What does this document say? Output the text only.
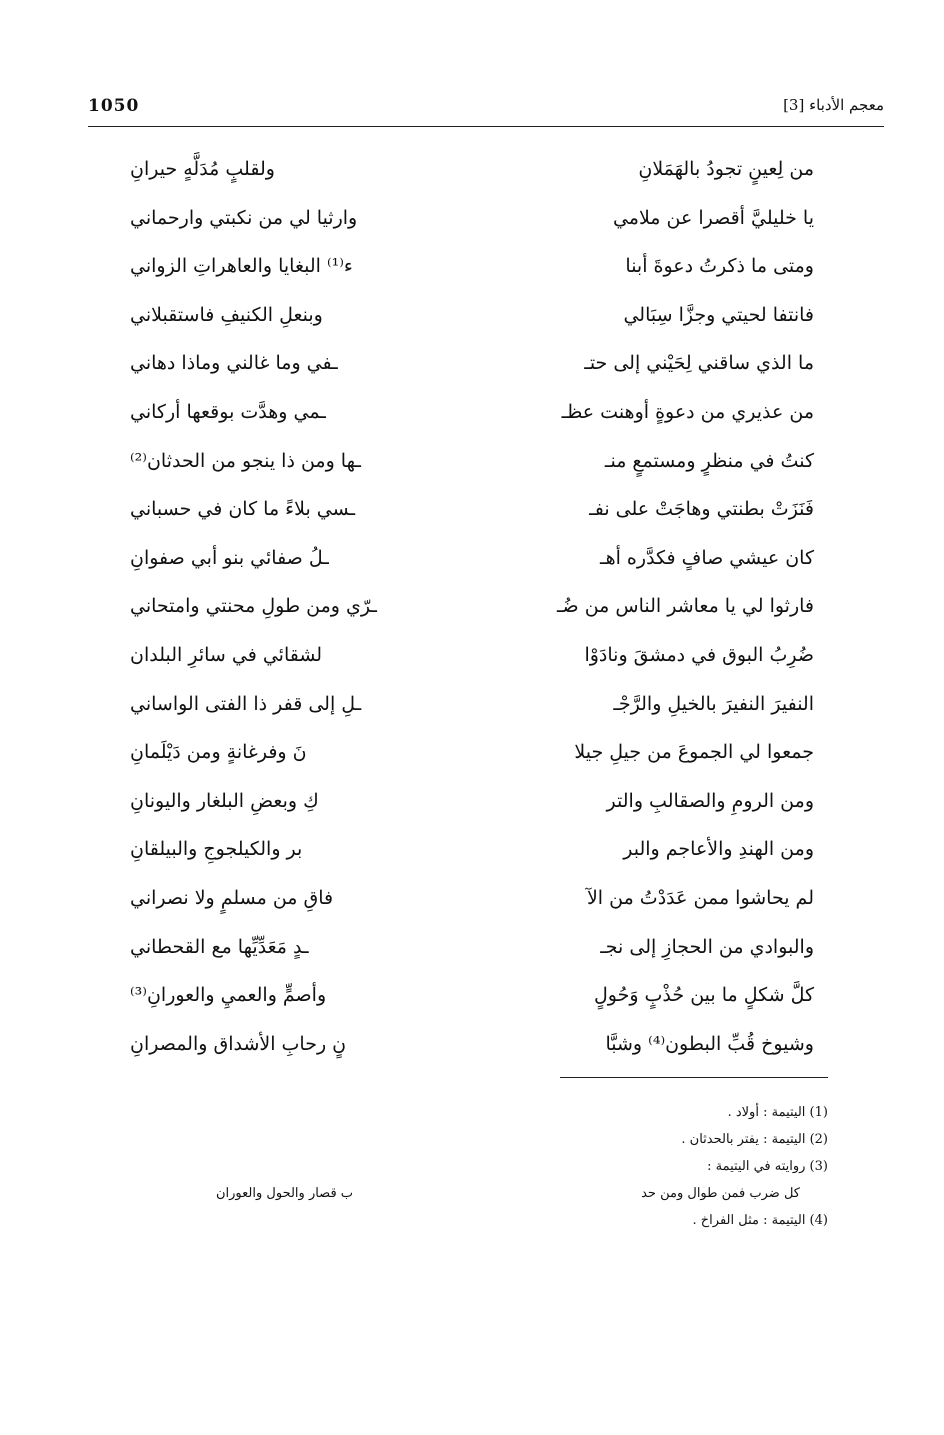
1050	معجم الأدباء [3]
من لِعينٍ تجودُ بالهَمَلانِ
ولقلبٍ مُدَلَّهٍ حيرانِ
يا خليليَّ أقصرا عن ملامي
وارثيا لي من نكبتي وارحماني
ومتى ما ذكرتُ دعوةَ أبنا
ء⁽¹⁾ البغايا والعاهراتِ الزواني
فانتفا لحيتي وجزَّا سِبَالي
وبنعلِ الكنيفِ فاستقبلاني
ما الذي ساقني لِحَيْني إلى حتـ
ـفي وما غالني وماذا دهاني
من عذيري من دعوةٍ أوهنت عظـ
ـمي وهدَّت بوقعها أركاني
كنتُ في منظرٍ ومستمعٍ منـ
ـها ومن ذا ينجو من الحدثان⁽²⁾
فَنَزَتْ بطنتي وهاجَتْ على نفـ
ـسي بلاءً ما كان في حسباني
كان عيشي صافٍ فكدَّره أهـ
ـلُ صفائي بنو أبي صفوانِ
فارثوا لي يا معاشر الناس من ضُـ
ـرّي ومن طولِ محنتي وامتحاني
ضُرِبُ البوق في دمشقَ ونادَوْا
لشقائي في سائرِ البلدان
النفيرَ النفيرَ بالخيلِ والرَّجْـ
ـلِ إلى قفر ذا الفتى الواساني
جمعوا لي الجموعَ من جيلِ جيلا
نَ وفرغانةٍ ومن دَيْلَمانِ
ومن الرومِ والصقالبِ والتر
كِ وبعضِ البلغار واليونانِ
ومن الهندِ والأعاجم والبر
بر والكيلجوجِ والبيلقانِ
لم يحاشوا ممن عَدَدْتُ من الآ
فاقِ من مسلمٍ ولا نصراني
والبوادي من الحجازِ إلى نجـ
ـدٍ مَعَدِّيِّها مع القحطاني
كلَّ شكلٍ ما بين حُذْبٍ وَحُولٍ
وأصمٍّ والعميِ والعورانِ⁽³⁾
وشيوخ قُبِّ البطون⁽⁴⁾ وشبَّا
نٍ رحابِ الأشداق والمصرانِ
(1) اليتيمة : أولاد .
(2) اليتيمة : يفتر بالحدثان .
(3) روايته في اليتيمة :
كل ضرب فمن طوال ومن حد
ب قصار والحول والعوران
(4) اليتيمة : مثل الفراخ .
